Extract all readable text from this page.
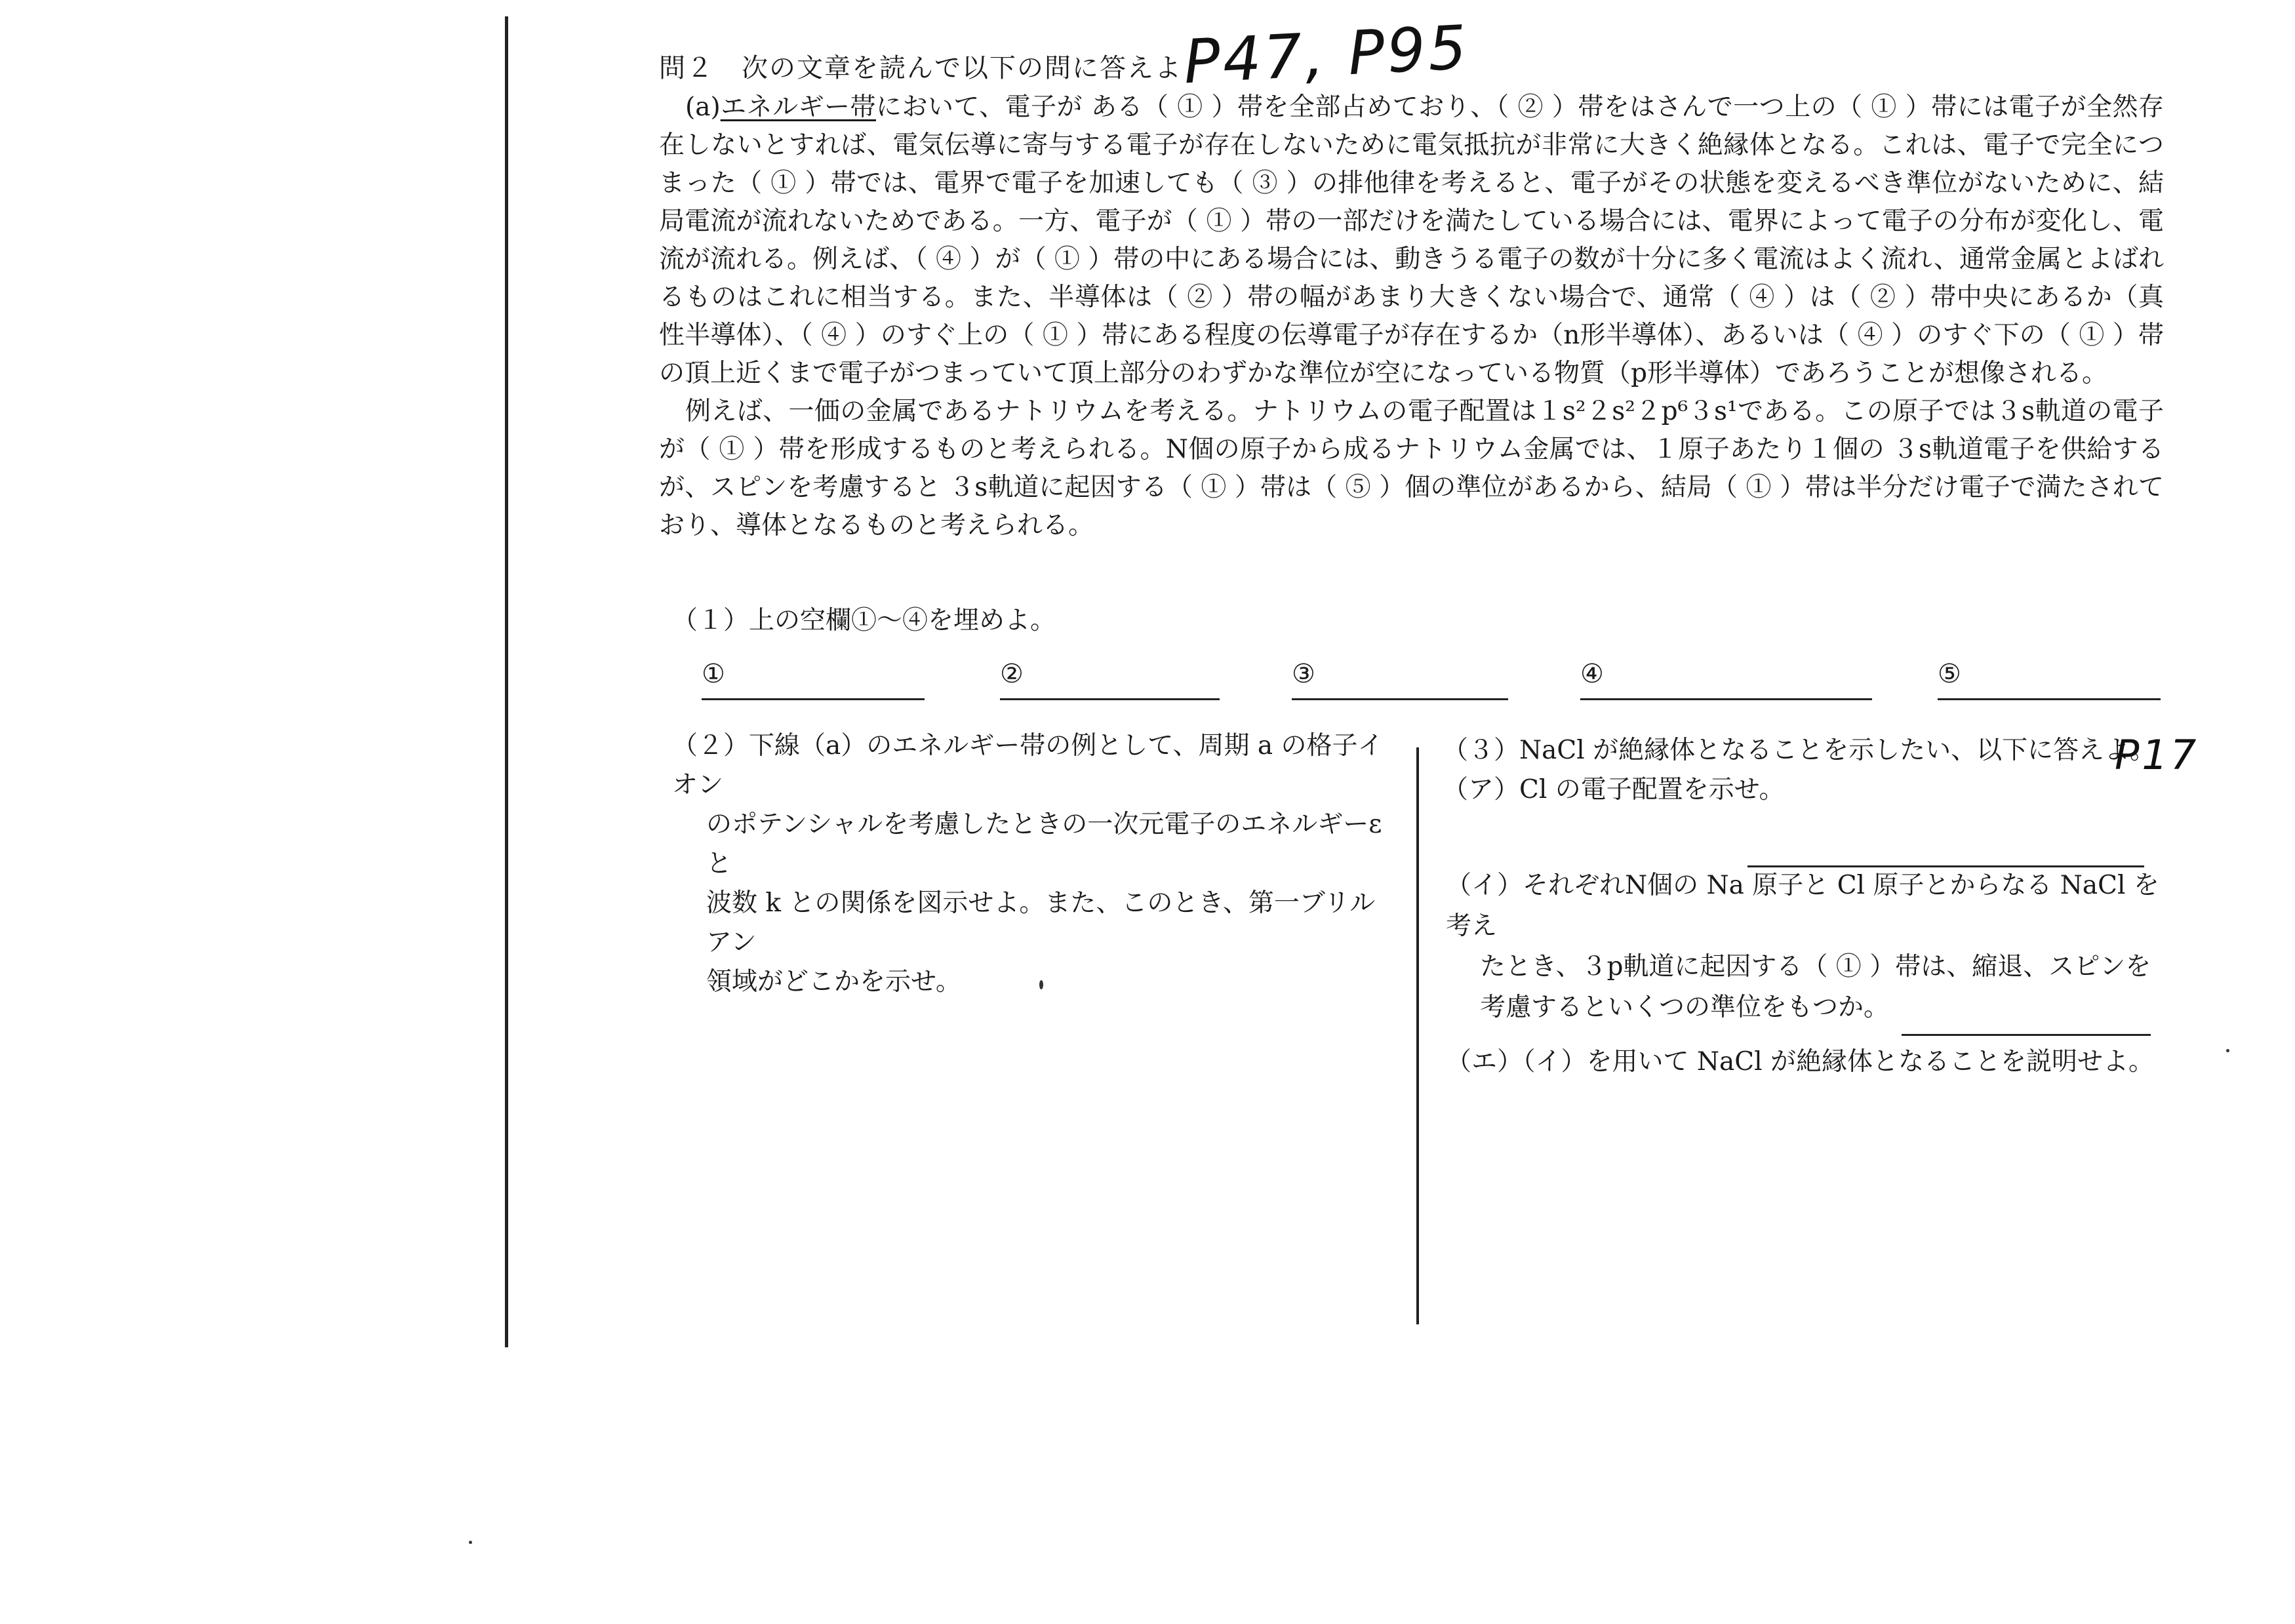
P47, P95
問２　次の文章を読んで以下の問に答えよ

(a)エネルギー帯において、電子が ある（ ① ）帯を全部占めており、（ ② ）帯をはさんで一つ上の（ ① ）帯には電子が全然存在しないとすれば、電気伝導に寄与する電子が存在しないために電気抵抗が非常に大きく絶縁体となる。これは、電子で完全につまった（ ① ）帯では、電界で電子を加速しても（ ③ ）の排他律を考えると、電子がその状態を変えるべき準位がないために、結局電流が流れないためである。一方、電子が（ ① ）帯の一部だけを満たしている場合には、電界によって電子の分布が変化し、電流が流れる。例えば、（ ④ ）が（ ① ）帯の中にある場合には、動きうる電子の数が十分に多く電流はよく流れ、通常金属とよばれるものはこれに相当する。また、半導体は（ ② ）帯の幅があまり大きくない場合で、通常（ ④ ）は（ ② ）帯中央にあるか（真性半導体）、（ ④ ）のすぐ上の（ ① ）帯にある程度の伝導電子が存在するか（n形半導体）、あるいは（ ④ ）のすぐ下の（ ① ）帯の頂上近くまで電子がつまっていて頂上部分のわずかな準位が空になっている物質（p形半導体）であろうことが想像される。

例えば、一価の金属であるナトリウムを考える。ナトリウムの電子配置は１s²２s²２p⁶３s¹である。この原子では３s軌道の電子が（ ① ）帯を形成するものと考えられる。N個の原子から成るナトリウム金属では、１原子あたり１個の ３s軌道電子を供給するが、スピンを考慮すると ３s軌道に起因する（ ① ）帯は（ ⑤ ）個の準位があるから、結局（ ① ）帯は半分だけ電子で満たされており、導体となるものと考えられる。

（１）上の空欄①～④を埋めよ。
①	②	③	④	⑤
（２）下線（a）のエネルギー帯の例として、周期 a の格子イオン
のポテンシャルを考慮したときの一次元電子のエネルギーε と
波数 k との関係を図示せよ。また、このとき、第一ブリルアン
領域がどこかを示せ。
（３）NaCl が絶縁体となることを示したい、以下に答えよ。
（ア）Cl の電子配置を示せ。
P17
（イ）それぞれN個の Na 原子と Cl 原子とからなる NaCl を考え
たとき、３p軌道に起因する（ ① ）帯は、縮退、スピンを
考慮するといくつの準位をもつか。
（エ）（イ）を用いて NaCl が絶縁体となることを説明せよ。
